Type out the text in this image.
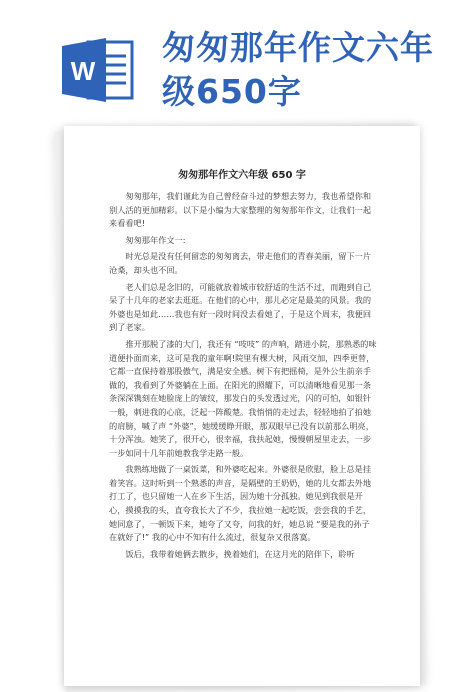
W
匆匆那年作文六年级650字
匆匆那年作文六年级 650 字

匆匆那年，我们谨此为自己曾经奋斗过的梦想去努力，我也希望你和别人活的更加精彩。以下是小编为大家整理的匆匆那年作文，让我们一起来看看吧!

匆匆那年作文一:

时光总是没有任何留恋的匆匆离去，带走他们的青春美丽，留下一片沧桑，却头也不回。

老人们总是念旧的，可能就放着城市较舒适的生活不过，而跑到自己呆了十几年的老家去逛逛。在他们的心中，那儿必定是最美的风景。我的外婆也是如此……我也有好一段时间没去看她了，于是这个周末，我便回到了老家。

推开那脱了漆的大门，我还有 “吱吱” 的声响，踏进小院，那熟悉的味道便扑面而来，这可是我的童年啊!院里有棵大树，风雨交加，四季更替，它都一直保持着那股傲气，满是安全感。树下有把摇椅，是外公生前亲手做的，我看到了外婆躺在上面。在阳光的照耀下，可以清晰地看见那一条条深深镌刻在她脸庞上的皱纹，那发白的头发透过光，闪的可怕，如银针一般，刺进我的心底，泛起一阵酸楚。我悄悄的走过去，轻轻地拍了拍她的肩膀，喊了声 “外婆”，她缓缓睁开眼，那双眼早已没有以前那么明亮，十分浑浊。她笑了，很开心，很幸福，我扶起她，慢慢朝屋里走去，一步一步如同十几年前她教我学走路一般。

我熟练地做了一桌饭菜，和外婆吃起来。外婆很是欣慰，脸上总是挂着笑容。这时听到一个熟悉的声音，是隔壁的王奶奶，她的儿女都去外地打工了，也只留她一人在乡下生活，因为她十分孤独。她见到我很是开心，摸摸我的头，直夸我长大了不少，我拉她一起吃饭，尝尝我的手艺，她同意了，一顿饭下来，她夸了又夸，问我的好，她总说 “要是我的孙子在就好了!” 我的心中不知有什么流过，很复杂又很落寞。

饭后，我带着她俩去散步，挽着她们，在这月光的陪伴下，聆听
